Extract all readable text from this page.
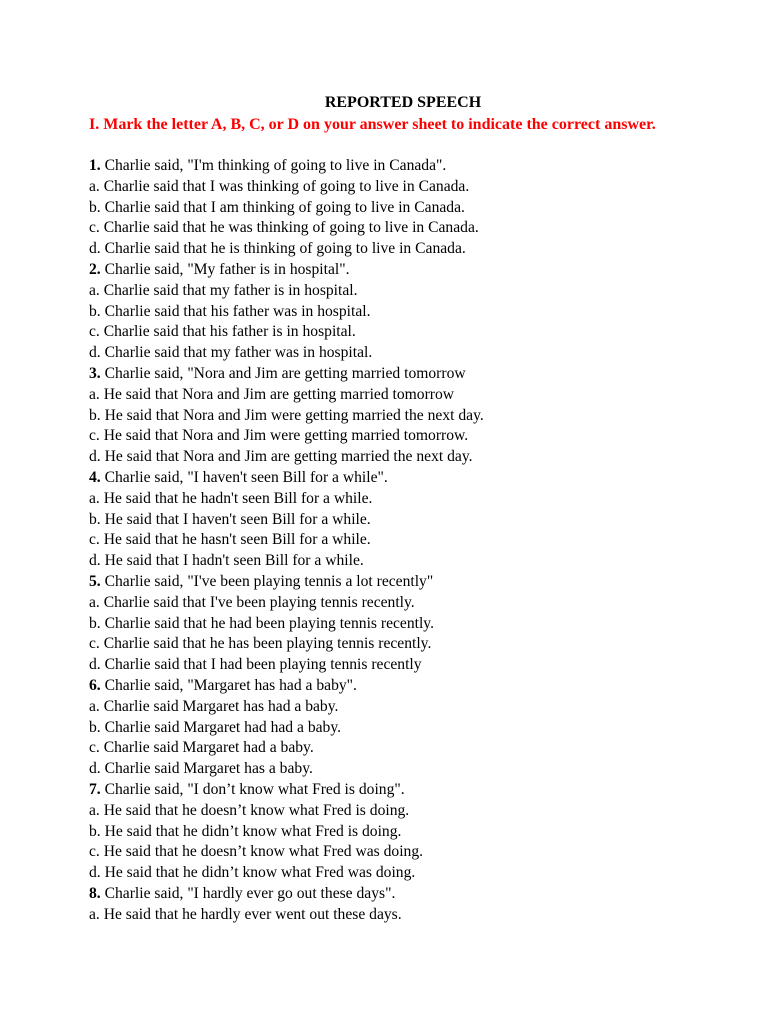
REPORTED SPEECH

I. Mark the letter A, B, C, or D on your answer sheet to indicate the correct answer.

1. Charlie said, "I'm thinking of going to live in Canada".
a. Charlie said that I was thinking of going to live in Canada.
b. Charlie said that I am thinking of going to live in Canada.
c. Charlie said that he was thinking of going to live in Canada.
d. Charlie said that he is thinking of going to live in Canada.
2. Charlie said, "My father is in hospital".
a. Charlie said that my father is in hospital.
b. Charlie said that his father was in hospital.
c. Charlie said that his father is in hospital.
d. Charlie said that my father was in hospital.
3. Charlie said, "Nora and Jim are getting married tomorrow
a. He said that Nora and Jim are getting married tomorrow
b. He said that Nora and Jim were getting married the next day.
c. He said that Nora and Jim were getting married tomorrow.
d. He said that Nora and Jim are getting married the next day.
4. Charlie said, "I haven't seen Bill for a while".
a. He said that he hadn't seen Bill for a while.
b. He said that I haven't seen Bill for a while.
c. He said that he hasn't seen Bill for a while.
d. He said that I hadn't seen Bill for a while.
5. Charlie said, "I've been playing tennis a lot recently"
a. Charlie said that I've been playing tennis recently.
b. Charlie said that he had been playing tennis recently.
c. Charlie said that he has been playing tennis recently.
d. Charlie said that I had been playing tennis recently
6. Charlie said, "Margaret has had a baby".
a. Charlie said Margaret has had a baby.
b. Charlie said Margaret had had a baby.
c. Charlie said Margaret had a baby.
d. Charlie said Margaret has a baby.
7. Charlie said, "I don’t know what Fred is doing".
a. He said that he doesn’t know what Fred is doing.
b. He said that he didn’t know what Fred is doing.
c. He said that he doesn’t know what Fred was doing.
d. He said that he didn’t know what Fred was doing.
8. Charlie said, "I hardly ever go out these days".
a. He said that he hardly ever went out these days.
